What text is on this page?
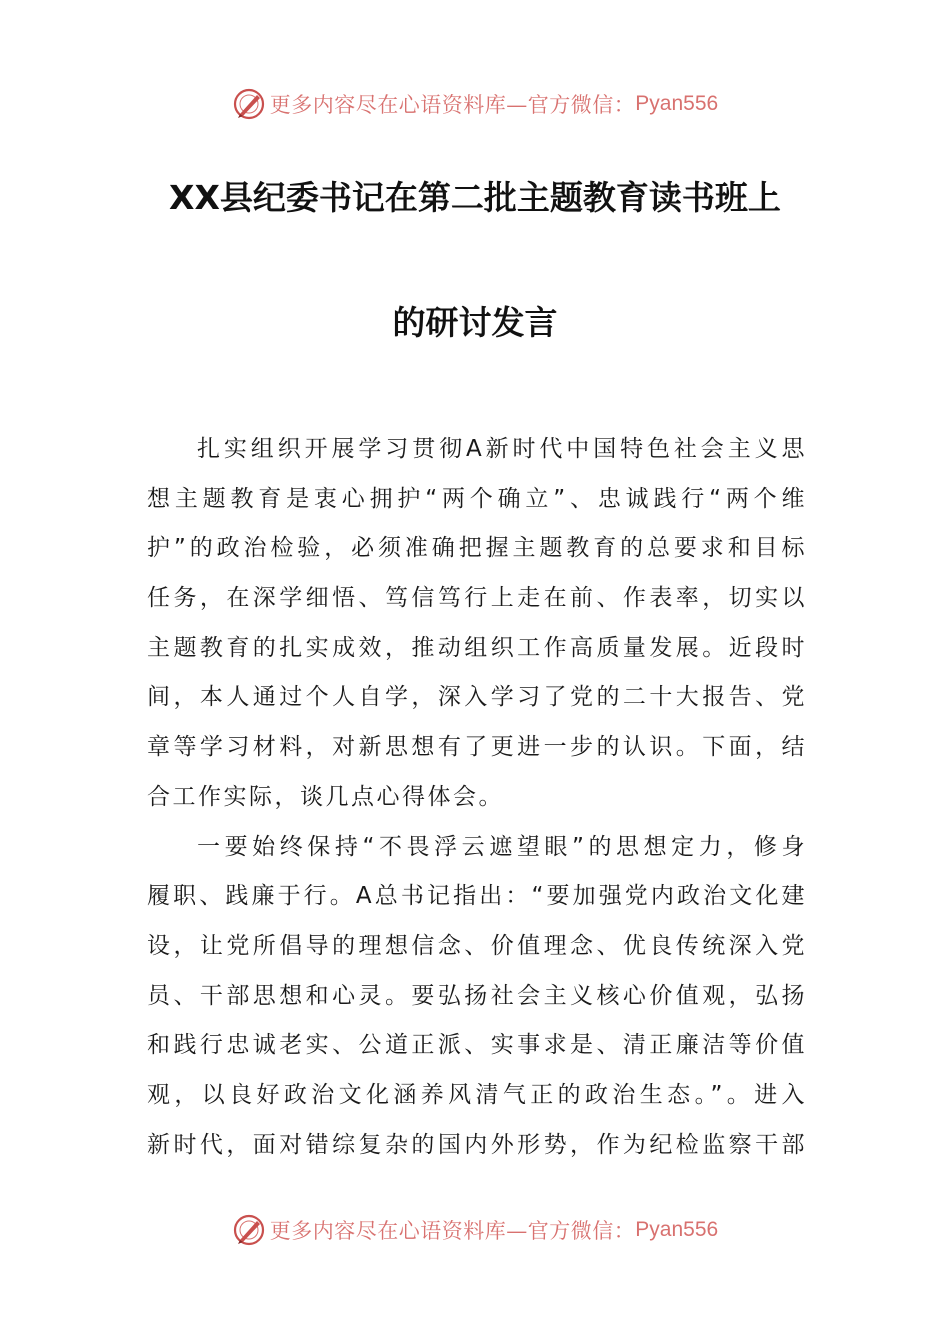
更多内容尽在心语资料库—官方微信： Pyan556
XX县纪委书记在第二批主题教育读书班上
的研讨发言
扎实组织开展学习贯彻A新时代中国特色社会主义思
想主题教育是衷心拥护“两个确立”、忠诚践行“两个维
护”的政治检验，必须准确把握主题教育的总要求和目标
任务，在深学细悟、笃信笃行上走在前、作表率，切实以
主题教育的扎实成效，推动组织工作高质量发展。近段时
间，本人通过个人自学，深入学习了党的二十大报告、党
章等学习材料，对新思想有了更进一步的认识。下面，结
合工作实际，谈几点心得体会。
一要始终保持“不畏浮云遮望眼”的思想定力，修身
履职、践廉于行。A总书记指出：“要加强党内政治文化建
设，让党所倡导的理想信念、价值理念、优良传统深入党
员、干部思想和心灵。要弘扬社会主义核心价值观，弘扬
和践行忠诚老实、公道正派、实事求是、清正廉洁等价值
观，以良好政治文化涵养风清气正的政治生态。”。进入
新时代，面对错综复杂的国内外形势，作为纪检监察干部
更多内容尽在心语资料库—官方微信： Pyan556
